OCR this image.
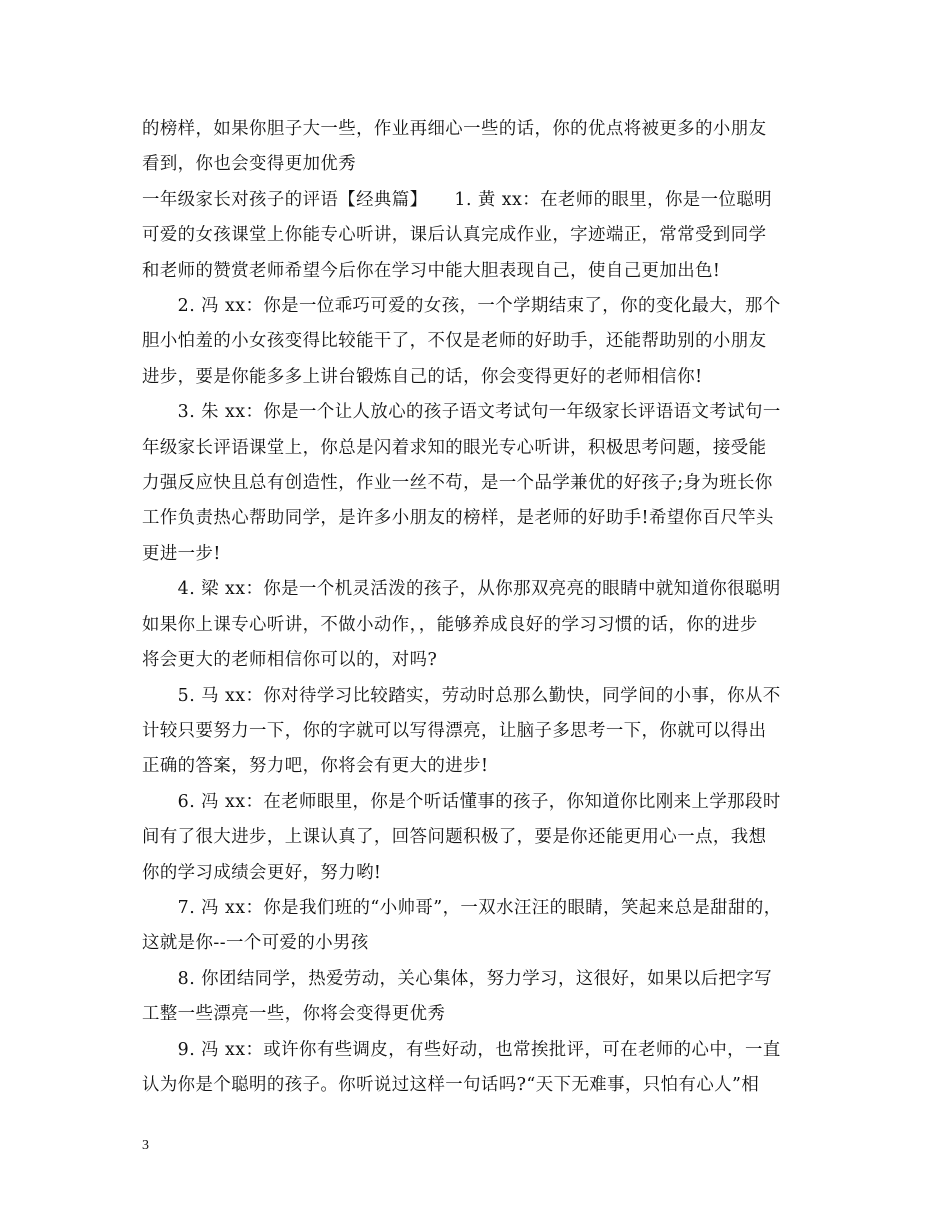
的榜样，如果你胆子大一些，作业再细心一些的话，你的优点将被更多的小朋友
看到，你也会变得更加优秀
一年级家长对孩子的评语【经典篇】　　1. 黄 xx：在老师的眼里，你是一位聪明
可爱的女孩课堂上你能专心听讲，课后认真完成作业，字迹端正，常常受到同学
和老师的赞赏老师希望今后你在学习中能大胆表现自己，使自己更加出色!
　　2. 冯 xx：你是一位乖巧可爱的女孩，一个学期结束了，你的变化最大，那个
胆小怕羞的小女孩变得比较能干了，不仅是老师的好助手，还能帮助别的小朋友
进步，要是你能多多上讲台锻炼自己的话，你会变得更好的老师相信你!
　　3. 朱 xx：你是一个让人放心的孩子语文考试句一年级家长评语语文考试句一
年级家长评语课堂上，你总是闪着求知的眼光专心听讲，积极思考问题，接受能
力强反应快且总有创造性，作业一丝不苟，是一个品学兼优的好孩子;身为班长你
工作负责热心帮助同学，是许多小朋友的榜样，是老师的好助手!希望你百尺竿头
更进一步!
　　4. 梁 xx：你是一个机灵活泼的孩子，从你那双亮亮的眼睛中就知道你很聪明
如果你上课专心听讲，不做小动作，，能够养成良好的学习习惯的话，你的进步
将会更大的老师相信你可以的，对吗?
　　5. 马 xx：你对待学习比较踏实，劳动时总那么勤快，同学间的小事，你从不
计较只要努力一下，你的字就可以写得漂亮，让脑子多思考一下，你就可以得出
正确的答案，努力吧，你将会有更大的进步!
　　6. 冯 xx：在老师眼里，你是个听话懂事的孩子，你知道你比刚来上学那段时
间有了很大进步，上课认真了，回答问题积极了，要是你还能更用心一点，我想
你的学习成绩会更好，努力哟!
　　7. 冯 xx：你是我们班的“小帅哥”，一双水汪汪的眼睛，笑起来总是甜甜的，
这就是你--一个可爱的小男孩
　　8. 你团结同学，热爱劳动，关心集体，努力学习，这很好，如果以后把字写
工整一些漂亮一些，你将会变得更优秀
　　9. 冯 xx：或许你有些调皮，有些好动，也常挨批评，可在老师的心中，一直
认为你是个聪明的孩子。你听说过这样一句话吗?“天下无难事，只怕有心人”相
3
